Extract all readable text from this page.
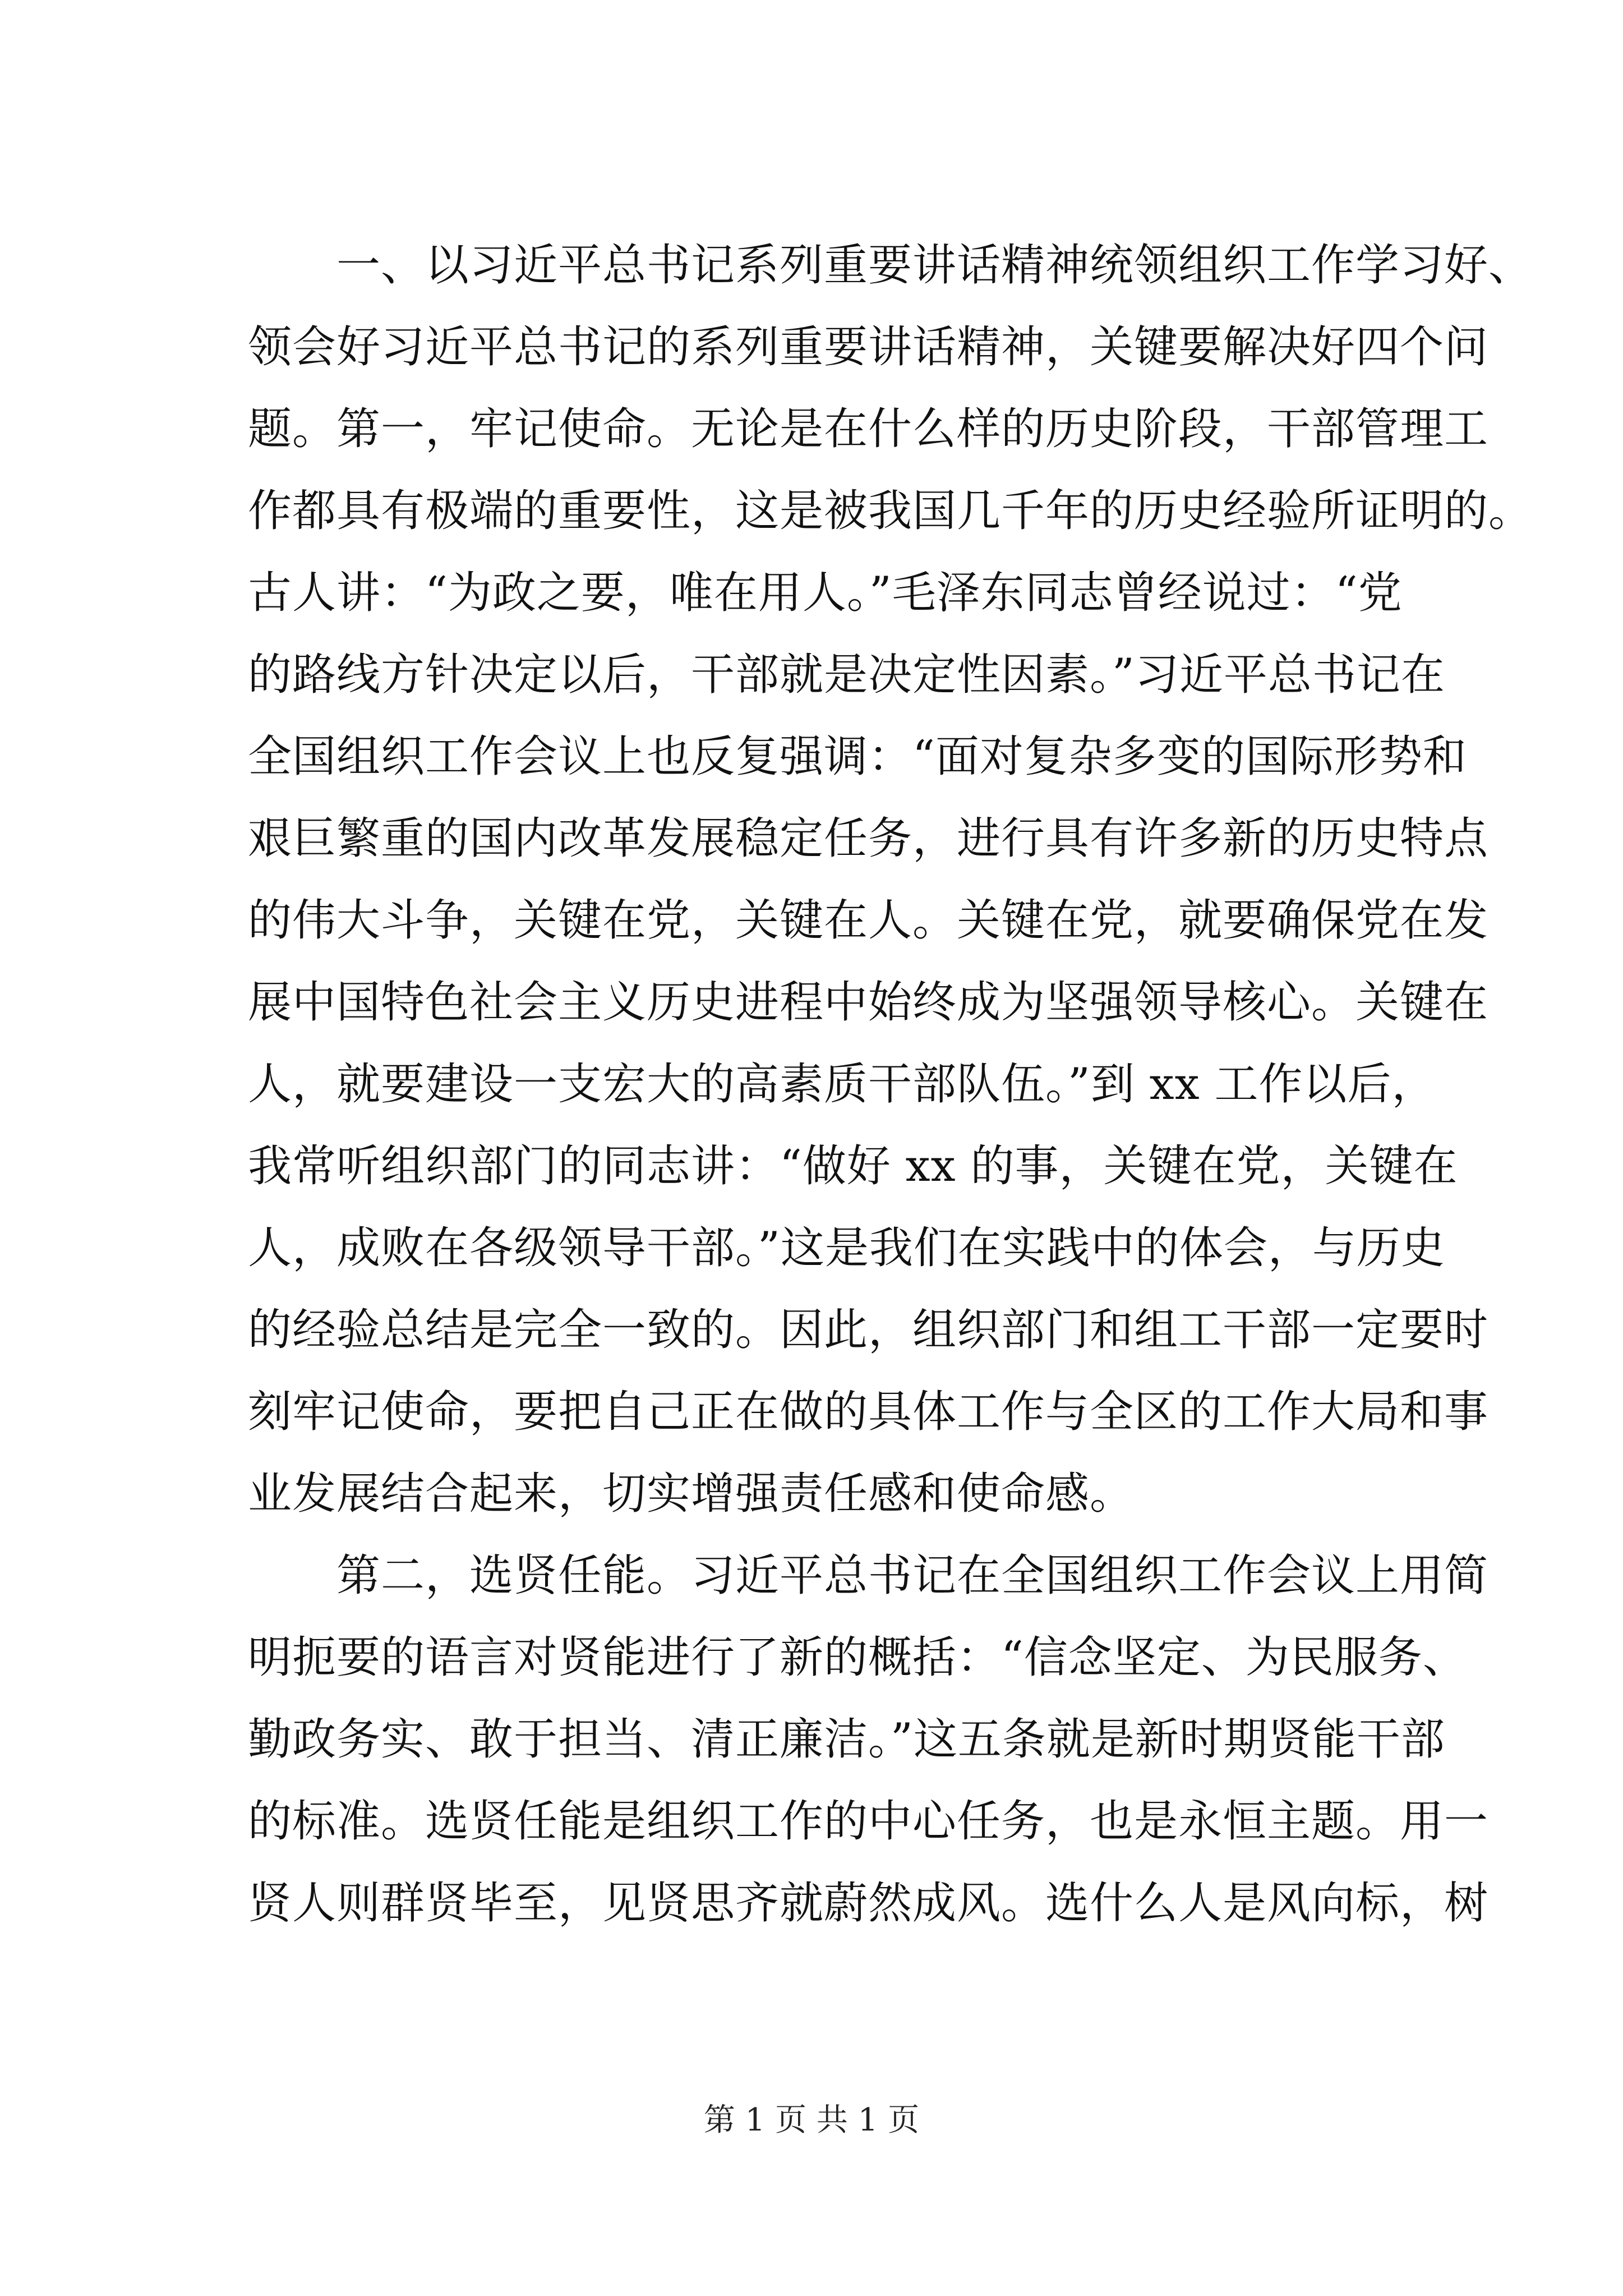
一、以习近平总书记系列重要讲话精神统领组织工作学习好、
领会好习近平总书记的系列重要讲话精神，关键要解决好四个问
题。第一，牢记使命。无论是在什么样的历史阶段，干部管理工
作都具有极端的重要性，这是被我国几千年的历史经验所证明的。
古人讲：“为政之要，唯在用人。”毛泽东同志曾经说过：“党
的路线方针决定以后，干部就是决定性因素。”习近平总书记在
全国组织工作会议上也反复强调：“面对复杂多变的国际形势和
艰巨繁重的国内改革发展稳定任务，进行具有许多新的历史特点
的伟大斗争，关键在党，关键在人。关键在党，就要确保党在发
展中国特色社会主义历史进程中始终成为坚强领导核心。关键在
人，就要建设一支宏大的高素质干部队伍。”到 xx 工作以后，
我常听组织部门的同志讲：“做好 xx 的事，关键在党，关键在
人，成败在各级领导干部。”这是我们在实践中的体会，与历史
的经验总结是完全一致的。因此，组织部门和组工干部一定要时
刻牢记使命，要把自己正在做的具体工作与全区的工作大局和事
业发展结合起来，切实增强责任感和使命感。
第二，选贤任能。习近平总书记在全国组织工作会议上用简
明扼要的语言对贤能进行了新的概括：“信念坚定、为民服务、
勤政务实、敢于担当、清正廉洁。”这五条就是新时期贤能干部
的标准。选贤任能是组织工作的中心任务，也是永恒主题。用一
贤人则群贤毕至，见贤思齐就蔚然成风。选什么人是风向标，树
第 1 页 共 1 页
